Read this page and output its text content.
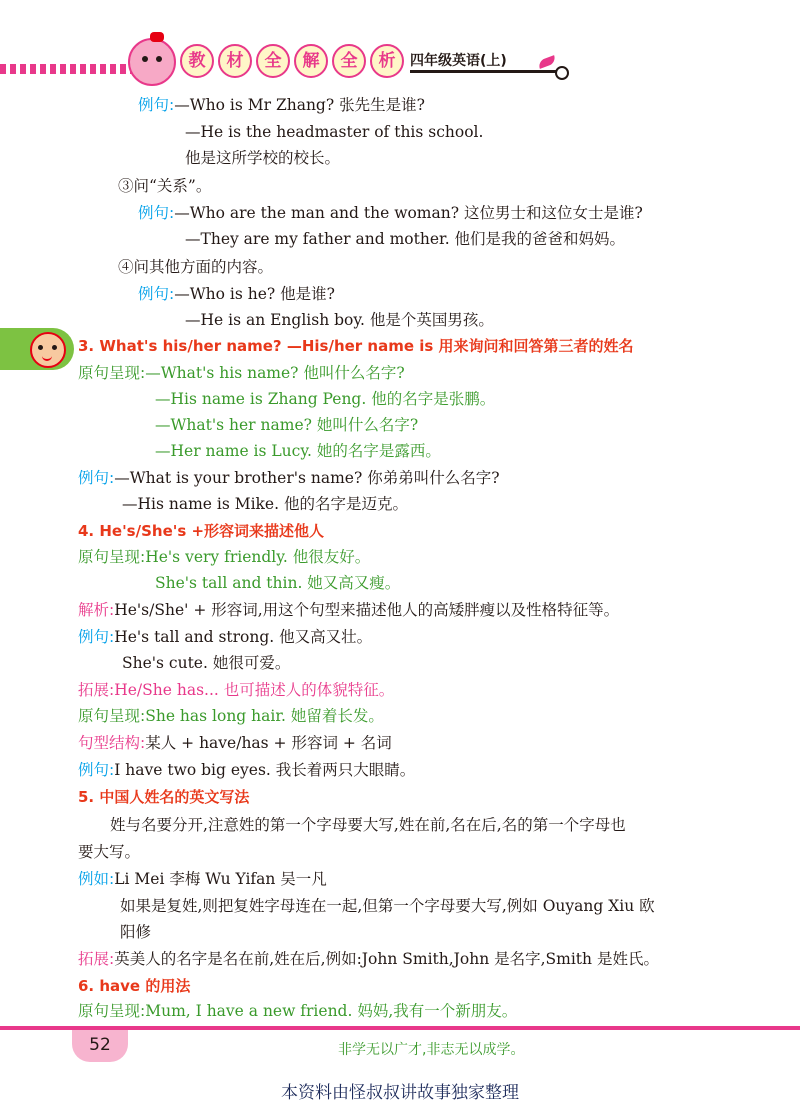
教	材	全	解	全	析	四年级英语(上)
例句:—Who is Mr Zhang? 张先生是谁?
—He is the headmaster of this school.
他是这所学校的校长。
③问“关系”。
例句:—Who are the man and the woman? 这位男士和这位女士是谁?
—They are my father and mother. 他们是我的爸爸和妈妈。
④问其他方面的内容。
例句:—Who is he? 他是谁?
—He is an English boy. 他是个英国男孩。
3. What's his/her name? —His/her name is 用来询问和回答第三者的姓名
原句呈现:—What's his name? 他叫什么名字?
—His name is Zhang Peng. 他的名字是张鹏。
—What's her name? 她叫什么名字?
—Her name is Lucy. 她的名字是露西。
例句:—What is your brother's name? 你弟弟叫什么名字?
—His name is Mike. 他的名字是迈克。
4. He's/She's +形容词来描述他人
原句呈现:He's very friendly. 他很友好。
She's tall and thin. 她又高又瘦。
解析:He's/She' + 形容词,用这个句型来描述他人的高矮胖瘦以及性格特征等。
例句:He's tall and strong. 他又高又壮。
She's cute. 她很可爱。
拓展:He/She has... 也可描述人的体貌特征。
原句呈现:She has long hair. 她留着长发。
句型结构:某人 + have/has + 形容词 + 名词
例句:I have two big eyes. 我长着两只大眼睛。
5. 中国人姓名的英文写法
姓与名要分开,注意姓的第一个字母要大写,姓在前,名在后,名的第一个字母也
要大写。
例如:Li Mei 李梅 Wu Yifan 吴一凡
如果是复姓,则把复姓字母连在一起,但第一个字母要大写,例如 Ouyang Xiu 欧
阳修
拓展:英美人的名字是名在前,姓在后,例如:John Smith,John 是名字,Smith 是姓氏。
6. have 的用法
原句呈现:Mum, I have a new friend. 妈妈,我有一个新朋友。
52	非学无以广才,非志无以成学。
本资料由怪叔叔讲故事独家整理
